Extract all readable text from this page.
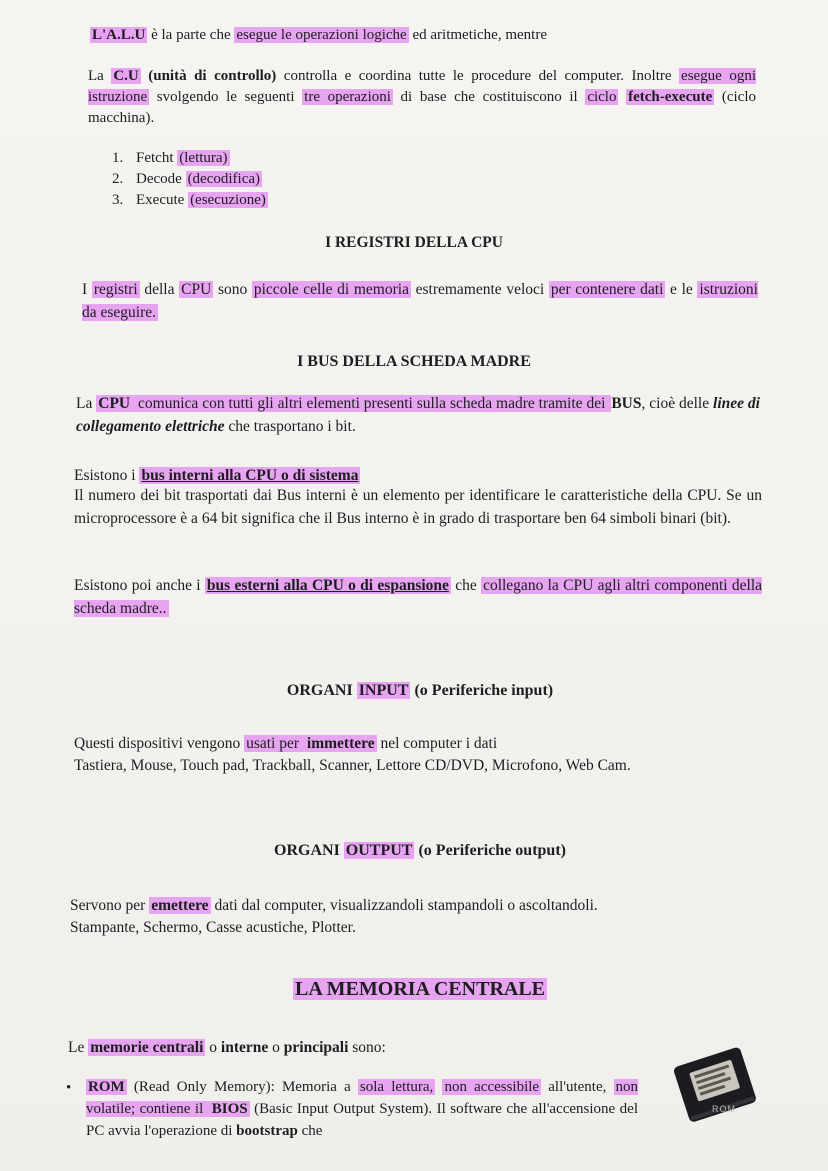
L'A.L.U è la parte che esegue le operazioni logiche ed aritmetiche, mentre

La C.U (unità di controllo) controlla e coordina tutte le procedure del computer. Inoltre esegue ogni istruzione svolgendo le seguenti tre operazioni di base che costituiscono il ciclo fetch-execute (ciclo macchina).

1. Fetcht (lettura)
2. Decode (decodifica)
3. Execute (esecuzione)
I REGISTRI DELLA CPU

I registri della CPU sono piccole celle di memoria estremamente veloci per contenere dati e le istruzioni da eseguire.

I BUS DELLA SCHEDA MADRE

La CPU comunica con tutti gli altri elementi presenti sulla scheda madre tramite dei BUS, cioè delle linee di collegamento elettriche che trasportano i bit.

Esistono i bus interni alla CPU o di sistema

Il numero dei bit trasportati dai Bus interni è un elemento per identificare le caratteristiche della CPU. Se un microprocessore è a 64 bit significa che il Bus interno è in grado di trasportare ben 64 simboli binari (bit).

Esistono poi anche i bus esterni alla CPU o di espansione che collegano la CPU agli altri componenti della scheda madre..

ORGANI INPUT (o Periferiche input)

Questi dispositivi vengono usati per immettere nel computer i dati

Tastiera, Mouse, Touch pad, Trackball, Scanner, Lettore CD/DVD, Microfono, Web Cam.

ORGANI OUTPUT (o Periferiche output)

Servono per emettere dati dal computer, visualizzandoli stampandoli o ascoltandoli.

Stampante, Schermo, Casse acustiche, Plotter.

LA MEMORIA CENTRALE

Le memorie centrali o interne o principali sono:

• ROM (Read Only Memory): Memoria a sola lettura, non accessibile all'utente, non volatile; contiene il BIOS (Basic Input Output System). Il software che all'accensione del PC avvia l'operazione di bootstrap che

ROM
